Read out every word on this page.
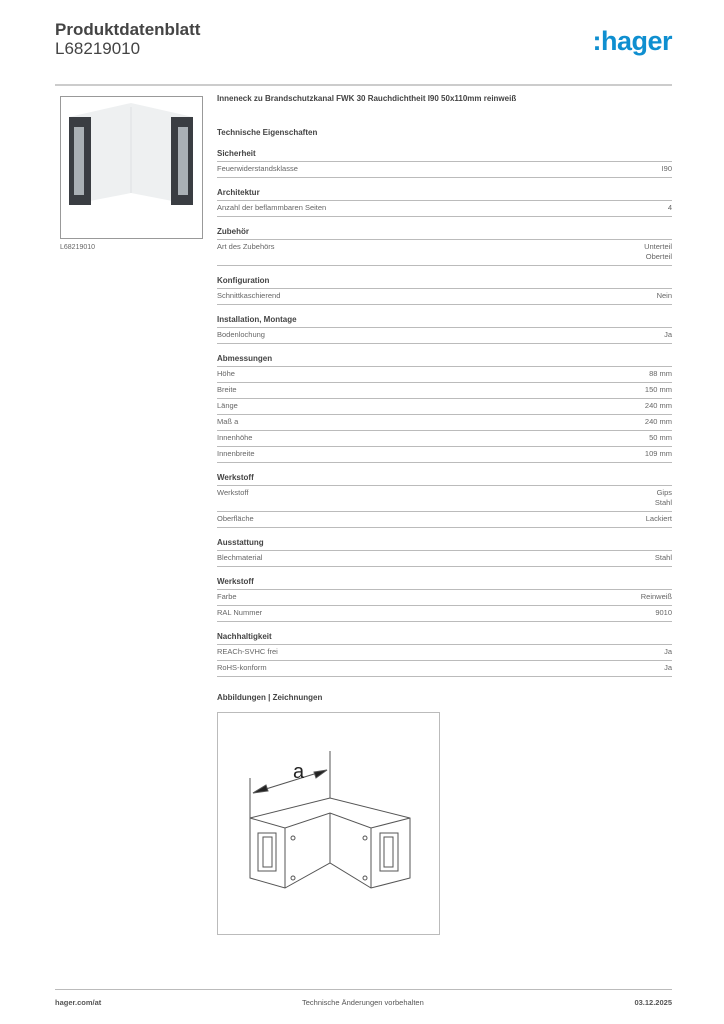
Produktdatenblatt
L68219010	:hager
L68219010
Inneneck zu Brandschutzkanal FWK 30 Rauchdichtheit I90 50x110mm reinweiß
Technische Eigenschaften
Sicherheit
Feuerwiderstandsklasse	I90
Architektur
Anzahl der beflammbaren Seiten	4
Zubehör
Art des Zubehörs	Unterteil
Oberteil
Konfiguration
Schnittkaschierend	Nein
Installation, Montage
Bodenlochung	Ja
Abmessungen
Höhe	88 mm
Breite	150 mm
Länge	240 mm
Maß a	240 mm
Innenhöhe	50 mm
Innenbreite	109 mm
Werkstoff
Werkstoff	Gips
Stahl
Oberfläche	Lackiert
Ausstattung
Blechmaterial	Stahl
Werkstoff
Farbe	Reinweiß
RAL Nummer	9010
Nachhaltigkeit
REACh-SVHC frei	Ja
RoHS-konform	Ja
Abbildungen | Zeichnungen
a
hager.com/at	Technische Änderungen vorbehalten	03.12.2025
